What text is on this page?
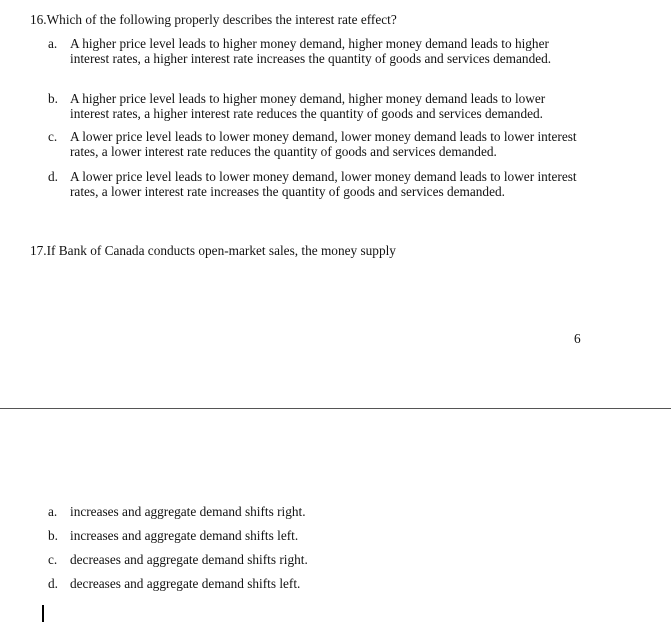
16.Which of the following properly describes the interest rate effect?
a. A higher price level leads to higher money demand, higher money demand leads to higher interest rates, a higher interest rate increases the quantity of goods and services demanded.
b. A higher price level leads to higher money demand, higher money demand leads to lower interest rates, a higher interest rate reduces the quantity of goods and services demanded.
c. A lower price level leads to lower money demand, lower money demand leads to lower interest rates, a lower interest rate reduces the quantity of goods and services demanded.
d. A lower price level leads to lower money demand, lower money demand leads to lower interest rates, a lower interest rate increases the quantity of goods and services demanded.
17.If Bank of Canada conducts open-market sales, the money supply
6
a. increases and aggregate demand shifts right.
b. increases and aggregate demand shifts left.
c. decreases and aggregate demand shifts right.
d. decreases and aggregate demand shifts left.
